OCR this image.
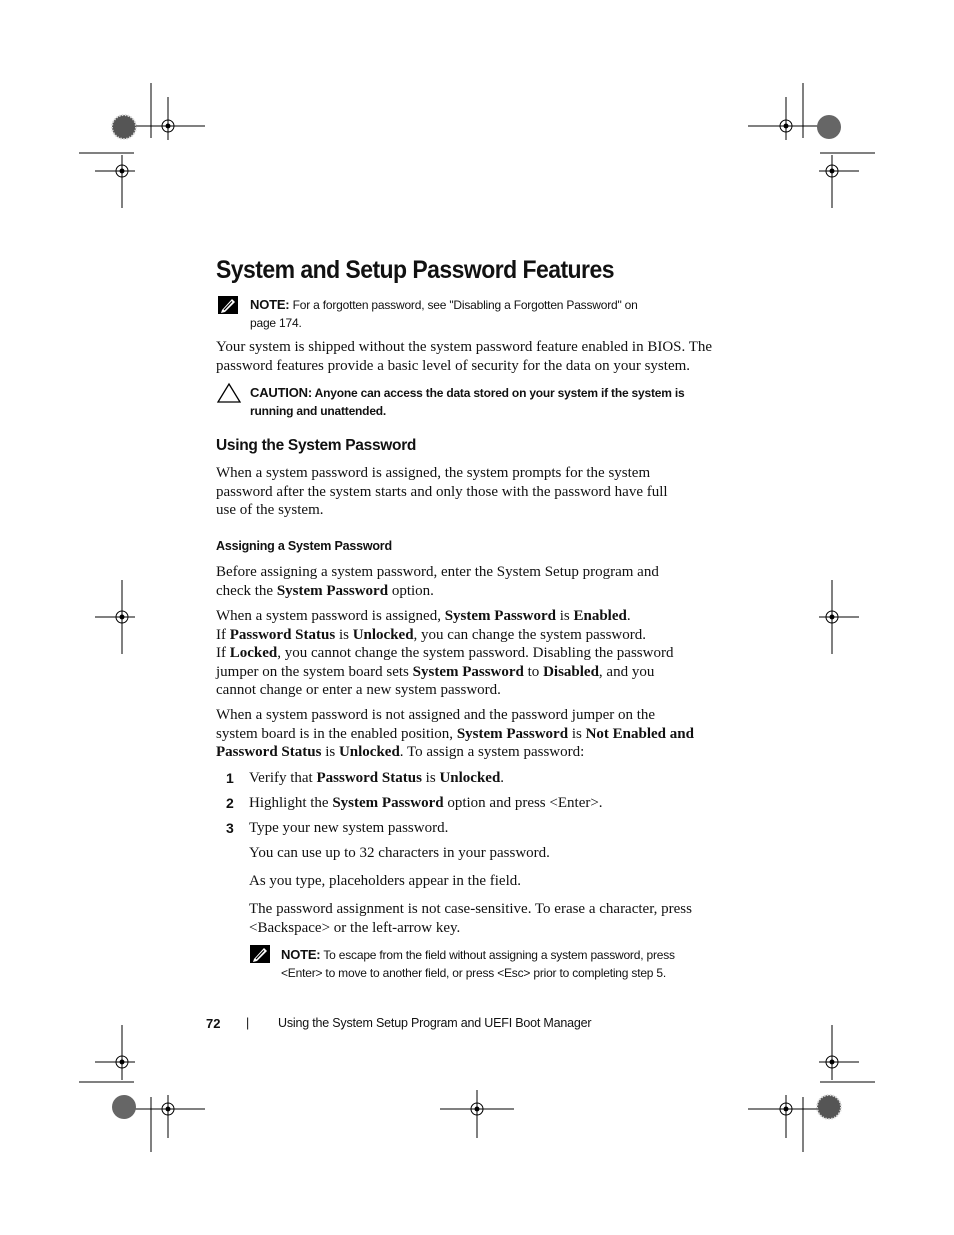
System and Setup Password Features
NOTE: For a forgotten password, see "Disabling a Forgotten Password" on
page 174.

Your system is shipped without the system password feature enabled in BIOS. The

password features provide a basic level of security for the data on your system.

CAUTION: Anyone can access the data stored on your system if the system is
running and unattended.
Using the System Password

When a system password is assigned, the system prompts for the system

password after the system starts and only those with the password have full

use of the system.

Assigning a System Password

Before assigning a system password, enter the System Setup program and

check the System Password option.

When a system password is assigned, System Password is Enabled.

If Password Status is Unlocked, you can change the system password.

If Locked, you cannot change the system password. Disabling the password

jumper on the system board sets System Password to Disabled, and you

cannot change or enter a new system password.

When a system password is not assigned and the password jumper on the

system board is in the enabled position, System Password is Not Enabled and

Password Status is Unlocked. To assign a system password:

1 Verify that Password Status is Unlocked.

2 Highlight the System Password option and press <Enter>.

3 Type your new system password.

You can use up to 32 characters in your password.

As you type, placeholders appear in the field.

The password assignment is not case-sensitive. To erase a character, press

<Backspace> or the left-arrow key.

NOTE: To escape from the field without assigning a system password, press
<Enter> to move to another field, or press <Esc> prior to completing step 5.
72 | Using the System Setup Program and UEFI Boot Manager
